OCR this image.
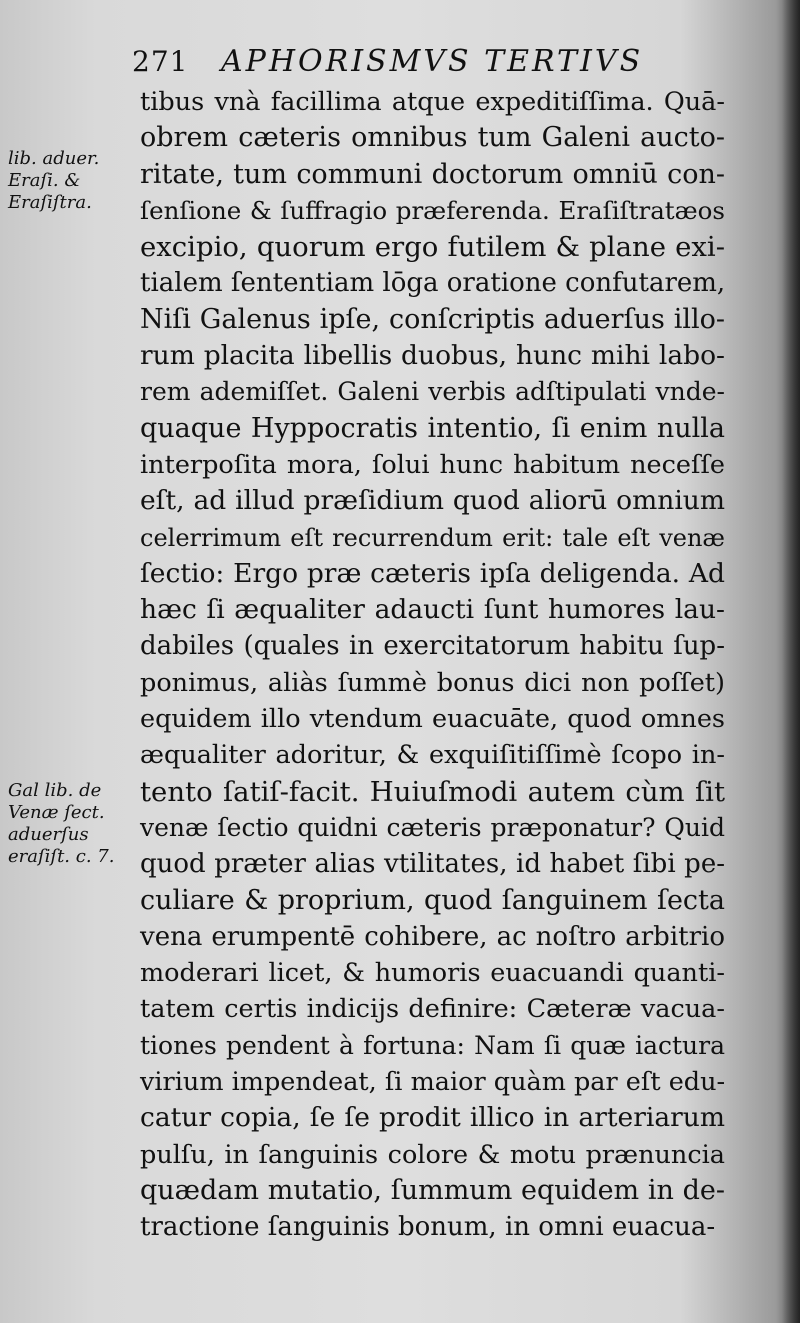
271 APHORISMVS TERTIVS
lib. aduer.
Eraſi. &
Eraſiſtra.
Gal lib. de
Venæ ſect.
aduerſus
eraſiſt. c. 7.
tibus vnà facillima atque expeditiſſima. Quā-
obrem cæteris omnibus tum Galeni aucto-
ritate, tum communi doctorum omniū con-
ſenſione & ſuffragio præferenda. Eraſiſtratæos
excipio, quorum ergo futilem & plane exi-
tialem ſententiam lōga oratione confutarem,
Niſi Galenus ipſe, conſcriptis aduerſus illo-
rum placita libellis duobus, hunc mihi labo-
rem ademiſſet. Galeni verbis adſtipulati vnde-
quaque Hyppocratis intentio, ſi enim nulla
interpoſita mora, ſolui hunc habitum neceſſe
eſt, ad illud præſidium quod aliorū omnium
celerrimum eſt recurrendum erit: tale eſt venæ
ſectio: Ergo præ cæteris ipſa deligenda. Ad
hæc ſi æqualiter adaucti ſunt humores lau-
dabiles (quales in exercitatorum habitu ſup-
ponimus, aliàs ſummè bonus dici non poſſet)
equidem illo vtendum euacuāte, quod omnes
æqualiter adoritur, & exquiſitiſſimè ſcopo in-
tento ſatiſ-facit. Huiuſmodi autem cùm ſit
venæ ſectio quidni cæteris præponatur? Quid
quod præter alias vtilitates, id habet ſibi pe-
culiare & proprium, quod ſanguinem ſecta
vena erumpentē cohibere, ac noſtro arbitrio
moderari licet, & humoris euacuandi quanti-
tatem certis indicijs definire: Cæteræ vacua-
tiones pendent à fortuna: Nam ſi quæ iactura
virium impendeat, ſi maior quàm par eſt edu-
catur copia, ſe ſe prodit illico in arteriarum
pulſu, in ſanguinis colore & motu prænuncia
quædam mutatio, ſummum equidem in de-
tractione ſanguinis bonum, in omni euacua-
